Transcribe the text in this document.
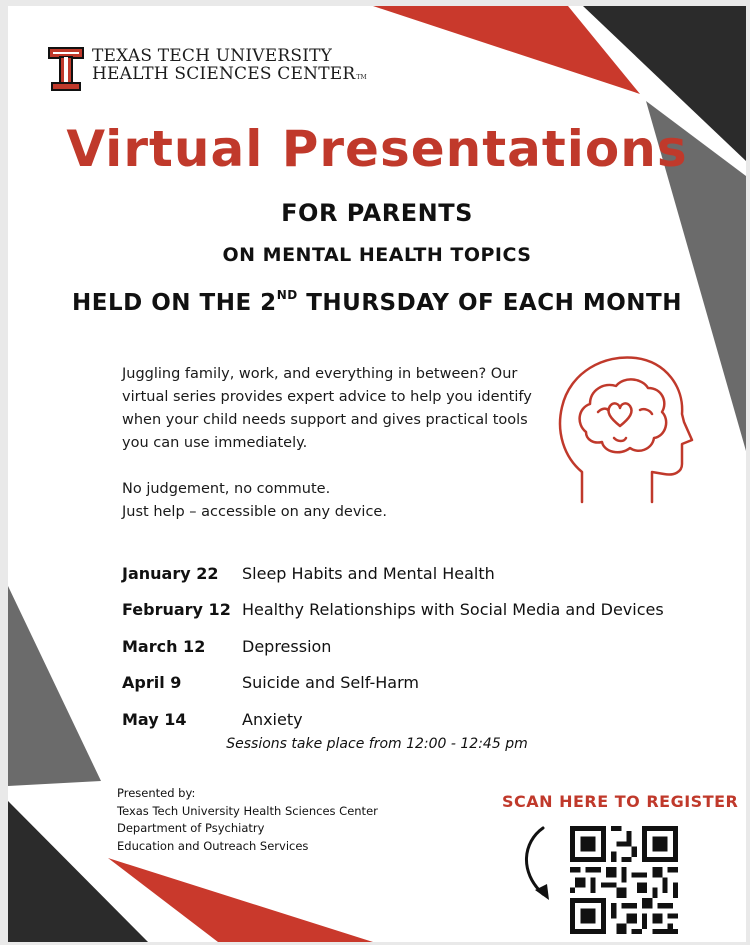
TEXAS TECH UNIVERSITY
HEALTH SCIENCES CENTERTM
Virtual Presentations
FOR PARENTS
ON MENTAL HEALTH TOPICS
HELD ON THE 2ND THURSDAY OF EACH MONTH

Juggling family, work, and everything in between? Our virtual series provides expert advice to help you identify when your child needs support and gives practical tools you can use immediately.

No judgement, no commute.

Just help – accessible on any device.

January 22	Sleep Habits and Mental Health
February 12 Healthy Relationships with Social Media and Devices
March 12	Depression
April 9	Suicide and Self-Harm
May 14	Anxiety
Sessions take place from 12:00 - 12:45 pm
Presented by:
Texas Tech University Health Sciences Center
Department of Psychiatry
Education and Outreach Services
SCAN HERE TO REGISTER
